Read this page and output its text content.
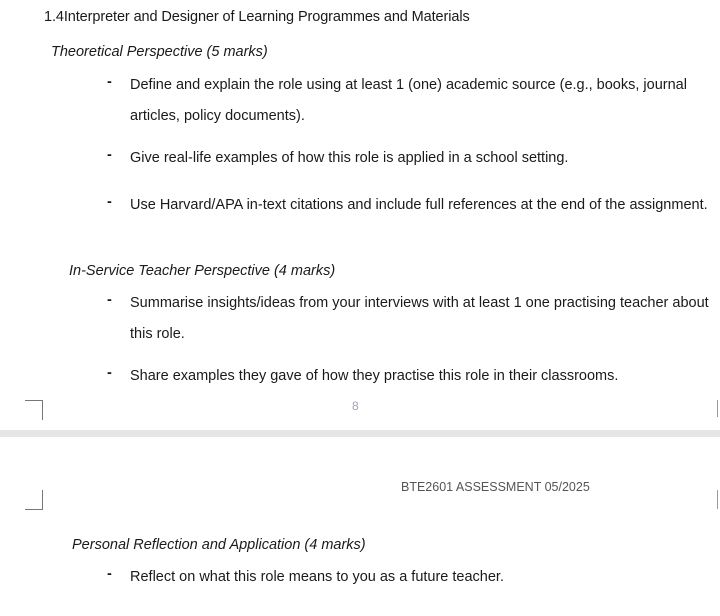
1.4Interpreter and Designer of Learning Programmes and Materials
Theoretical Perspective (5 marks)
- Define and explain the role using at least 1 (one) academic source (e.g., books, journal
articles, policy documents).
- Give real-life examples of how this role is applied in a school setting.
- Use Harvard/APA in-text citations and include full references at the end of the assignment.
In-Service Teacher Perspective (4 marks)
- Summarise insights/ideas from your interviews with at least 1 one practising teacher about
this role.
- Share examples they gave of how they practise this role in their classrooms.
8
BTE2601 ASSESSMENT 05/2025
Personal Reflection and Application (4 marks)
- Reflect on what this role means to you as a future teacher.
